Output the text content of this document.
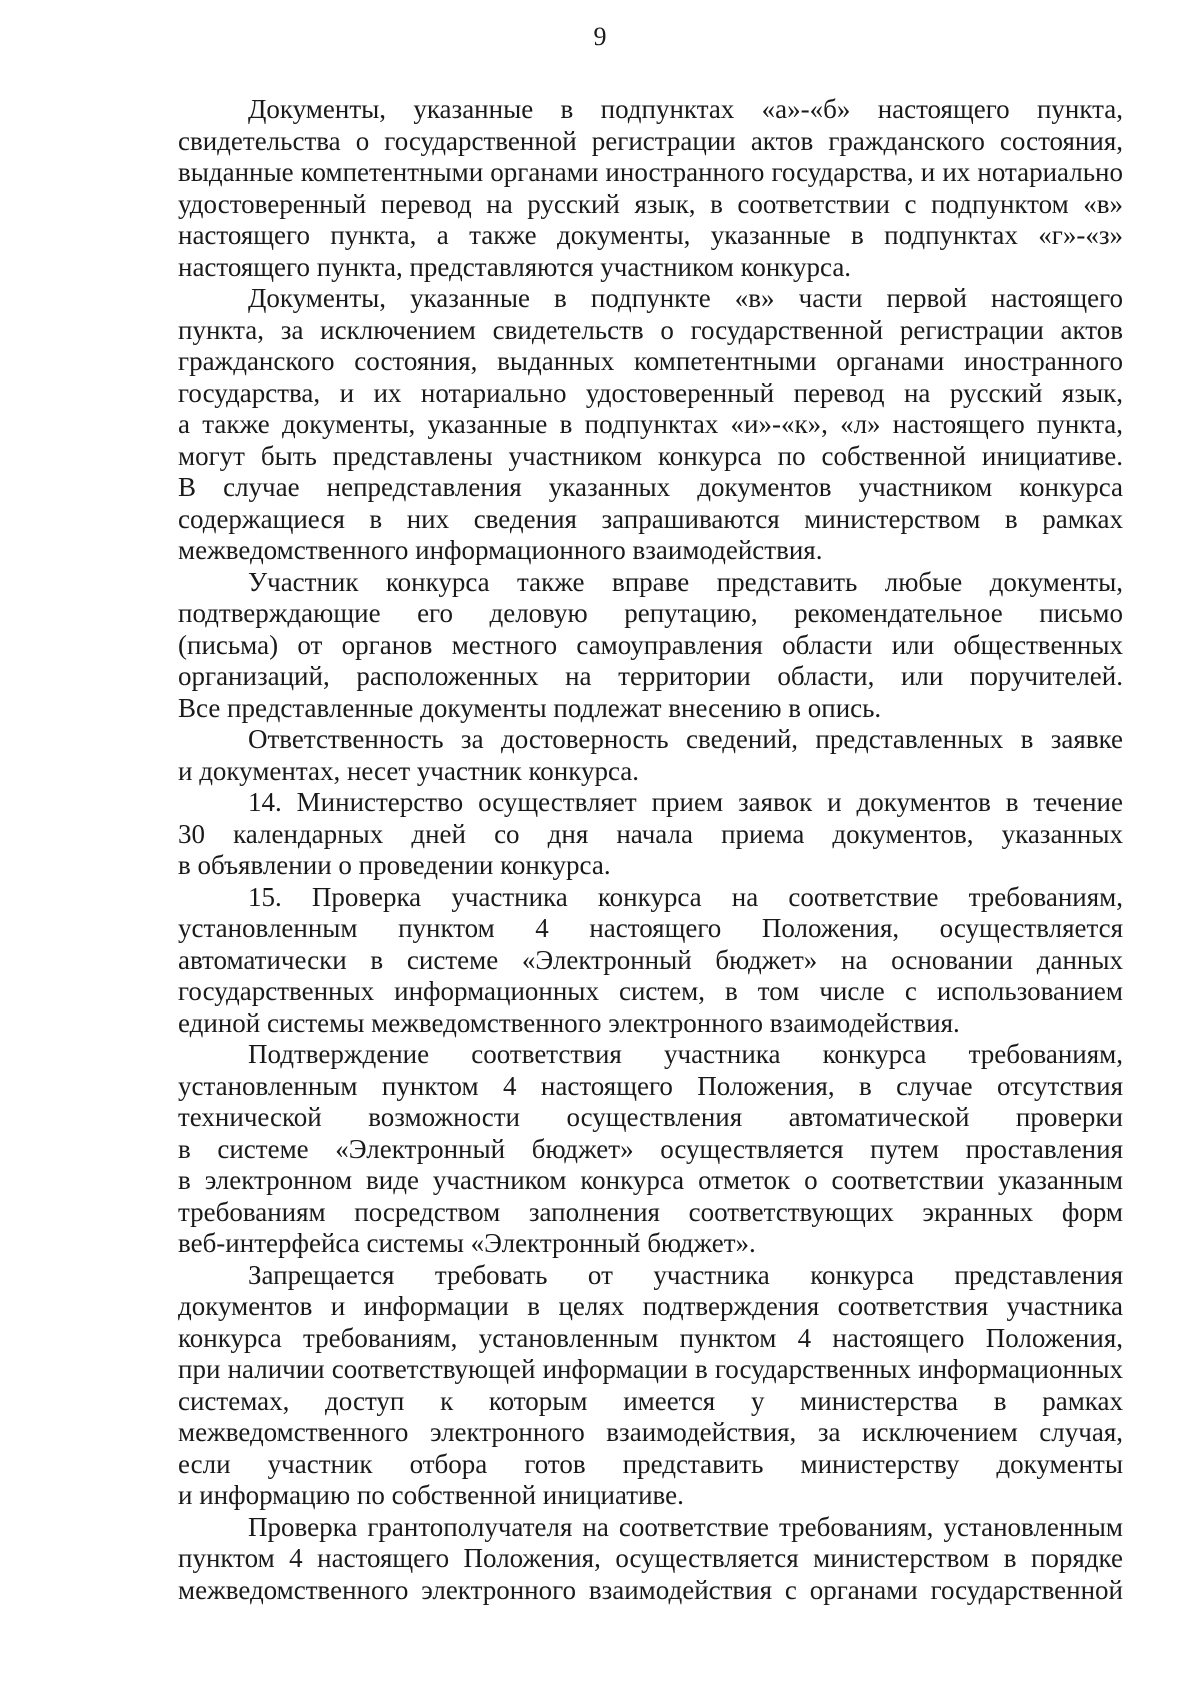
9
Документы, указанные в подпунктах «а»-«б» настоящего пункта,
свидетельства о государственной регистрации актов гражданского состояния,
выданные компетентными органами иностранного государства, и их нотариально
удостоверенный перевод на русский язык, в соответствии с подпунктом «в»
настоящего пункта, а также документы, указанные в подпунктах «г»-«з»
настоящего пункта, представляются участником конкурса.
Документы, указанные в подпункте «в» части первой настоящего
пункта, за исключением свидетельств о государственной регистрации актов
гражданского состояния, выданных компетентными органами иностранного
государства, и их нотариально удостоверенный перевод на русский язык,
а также документы, указанные в подпунктах «и»-«к», «л» настоящего пункта,
могут быть представлены участником конкурса по собственной инициативе.
В случае непредставления указанных документов участником конкурса
содержащиеся в них сведения запрашиваются министерством в рамках
межведомственного информационного взаимодействия.
Участник конкурса также вправе представить любые документы,
подтверждающие его деловую репутацию, рекомендательное письмо
(письма) от органов местного самоуправления области или общественных
организаций, расположенных на территории области, или поручителей.
Все представленные документы подлежат внесению в опись.
Ответственность за достоверность сведений, представленных в заявке
и документах, несет участник конкурса.
14. Министерство осуществляет прием заявок и документов в течение
30 календарных дней со дня начала приема документов, указанных
в объявлении о проведении конкурса.
15. Проверка участника конкурса на соответствие требованиям,
установленным пунктом 4 настоящего Положения, осуществляется
автоматически в системе «Электронный бюджет» на основании данных
государственных информационных систем, в том числе с использованием
единой системы межведомственного электронного взаимодействия.
Подтверждение соответствия участника конкурса требованиям,
установленным пунктом 4 настоящего Положения, в случае отсутствия
технической возможности осуществления автоматической проверки
в системе «Электронный бюджет» осуществляется путем проставления
в электронном виде участником конкурса отметок о соответствии указанным
требованиям посредством заполнения соответствующих экранных форм
веб-интерфейса системы «Электронный бюджет».
Запрещается требовать от участника конкурса представления
документов и информации в целях подтверждения соответствия участника
конкурса требованиям, установленным пунктом 4 настоящего Положения,
при наличии соответствующей информации в государственных информационных
системах, доступ к которым имеется у министерства в рамках
межведомственного электронного взаимодействия, за исключением случая,
если участник отбора готов представить министерству документы
и информацию по собственной инициативе.
Проверка грантополучателя на соответствие требованиям, установленным
пунктом 4 настоящего Положения, осуществляется министерством в порядке
межведомственного электронного взаимодействия с органами государственной
